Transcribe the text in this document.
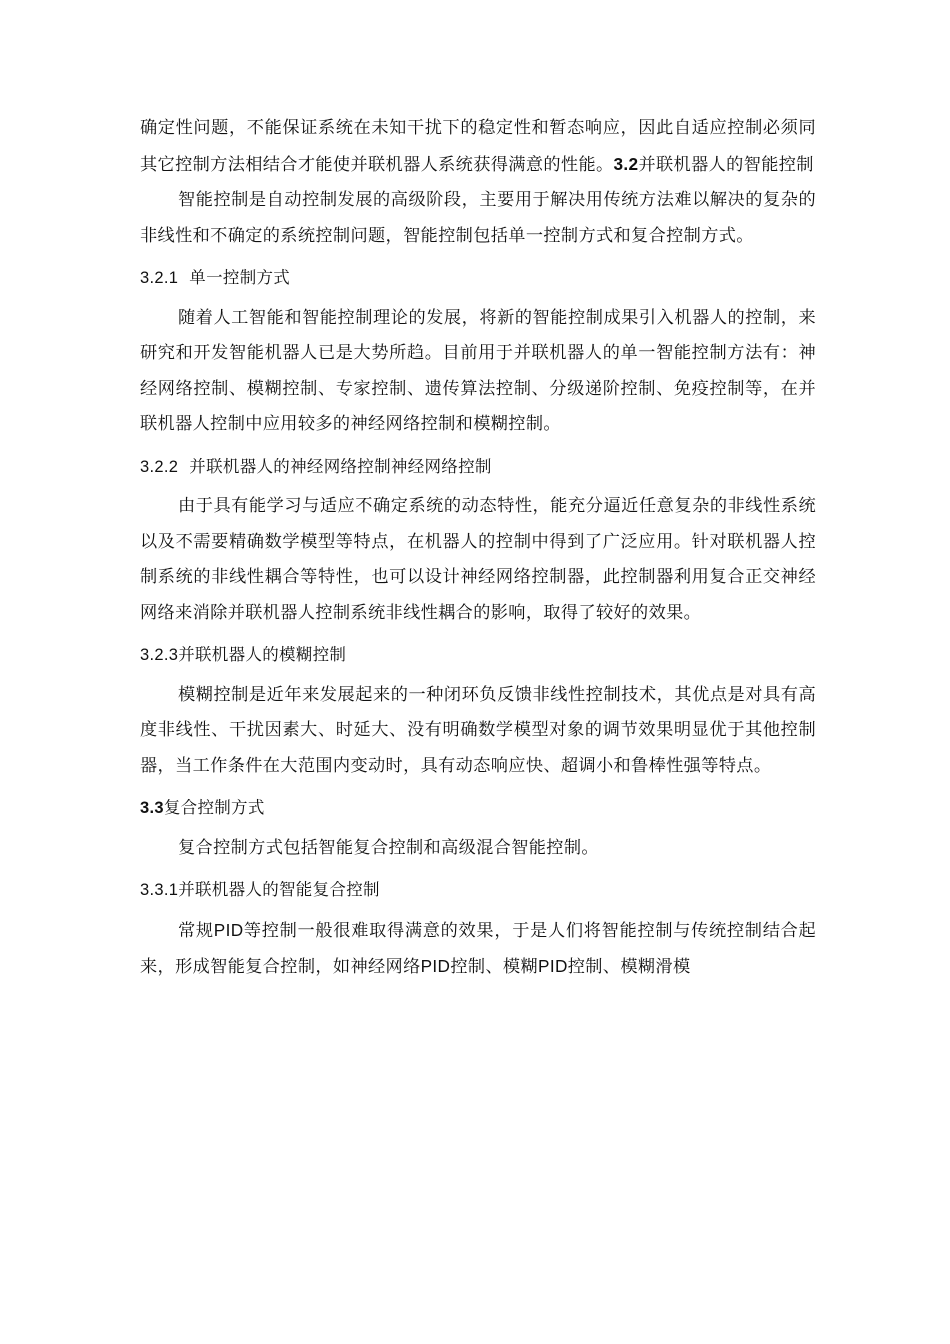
确定性问题，不能保证系统在未知干扰下的稳定性和暂态响应，因此自适应控制必须同其它控制方法相结合才能使并联机器人系统获得满意的性能。3.2并联机器人的智能控制

智能控制是自动控制发展的高级阶段，主要用于解决用传统方法难以解决的复杂的非线性和不确定的系统控制问题，智能控制包括单一控制方式和复合控制方式。

3.2.1 单一控制方式

随着人工智能和智能控制理论的发展，将新的智能控制成果引入机器人的控制，来研究和开发智能机器人已是大势所趋。目前用于并联机器人的单一智能控制方法有：神经网络控制、模糊控制、专家控制、遗传算法控制、分级递阶控制、免疫控制等，在并联机器人控制中应用较多的神经网络控制和模糊控制。

3.2.2 并联机器人的神经网络控制神经网络控制

由于具有能学习与适应不确定系统的动态特性，能充分逼近任意复杂的非线性系统以及不需要精确数学模型等特点，在机器人的控制中得到了广泛应用。针对联机器人控制系统的非线性耦合等特性，也可以设计神经网络控制器，此控制器利用复合正交神经网络来消除并联机器人控制系统非线性耦合的影响，取得了较好的效果。

3.2.3并联机器人的模糊控制

模糊控制是近年来发展起来的一种闭环负反馈非线性控制技术，其优点是对具有高度非线性、干扰因素大、时延大、没有明确数学模型对象的调节效果明显优于其他控制器，当工作条件在大范围内变动时，具有动态响应快、超调小和鲁棒性强等特点。

3.3复合控制方式

复合控制方式包括智能复合控制和高级混合智能控制。

3.3.1并联机器人的智能复合控制

常规PID等控制一般很难取得满意的效果，于是人们将智能控制与传统控制结合起来，形成智能复合控制，如神经网络PID控制、模糊PID控制、模糊滑模
